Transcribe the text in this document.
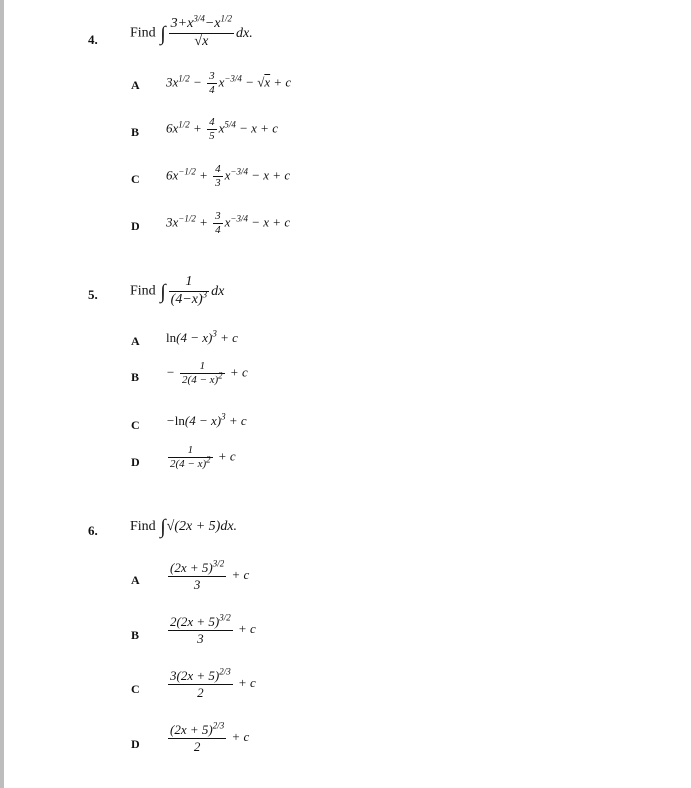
4. Find ∫ $\frac{3+x^{3/4}-x^{1/2}}{√x}$ dx.
A $3x^{1/2} - \frac{3}{4} x^{-3/4} - √x + c$
B $6x^{1/2} + \frac{4}{5} x^{5/4} - x + c$
C $6x^{-1/2} + \frac{4}{3} x^{-3/4} - x + c$
D $3x^{-1/2} + \frac{3}{4} x^{-3/4} - x + c$
5. Find ∫ $\frac{1}{(4-x)^3}$ dx
A $\ln(4 - x)^3 + c$
$B - \frac{1}{2(4 - x)^2} + c$
$C -\ln(4 - x)^3 + c$
D	$\frac{1}{2(4 - x)^2} + c$
6. Find ∫√(2x + 5)dx.
A $\frac{(2x + 5)^{3/2}}{3} + c$
B $\frac{2(2x + 5)^{3/2}}{3} + c$
C $\frac{3(2x + 5)^{2/3}}{2} + c$
D $\frac{(2x + 5)^{2/3}}{2} + c$
